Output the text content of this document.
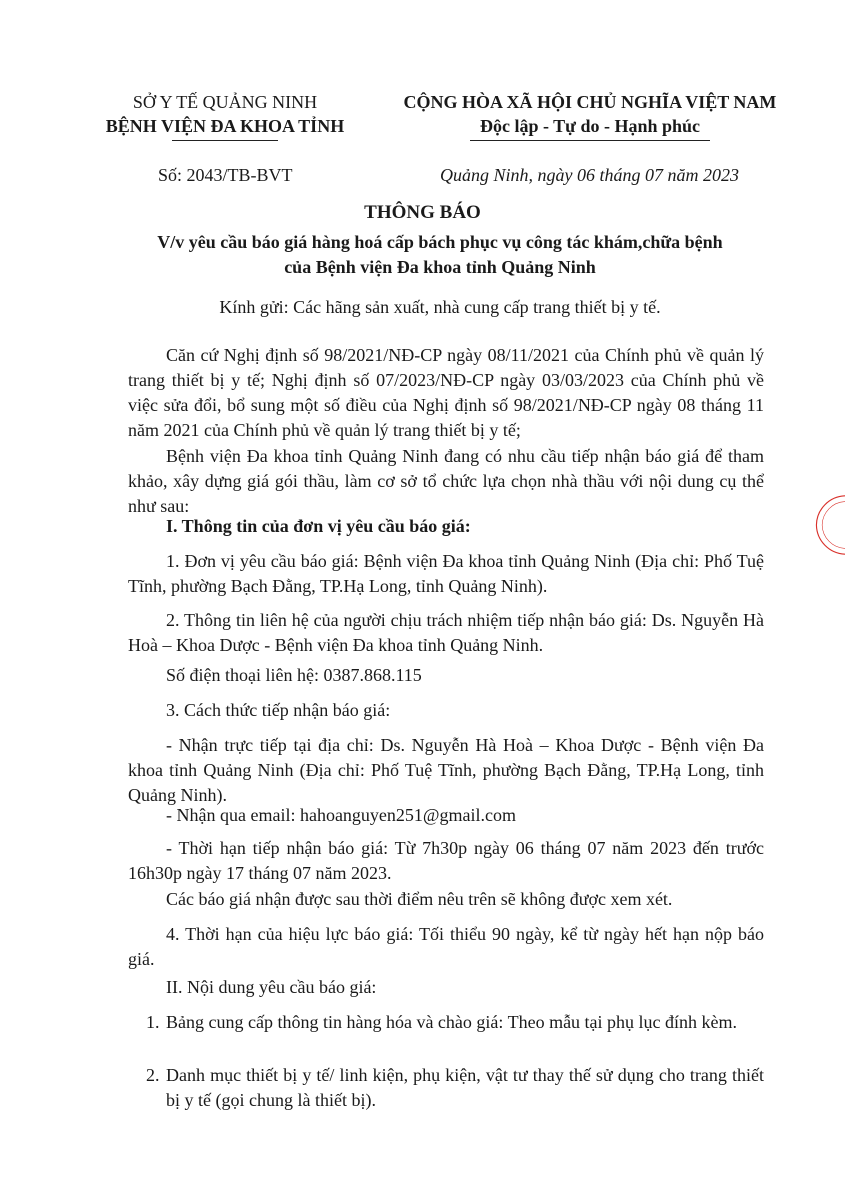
SỞ Y TẾ QUẢNG NINH
BỆNH VIỆN ĐA KHOA TỈNH
CỘNG HÒA XÃ HỘI CHỦ NGHĨA VIỆT NAM
Độc lập - Tự do - Hạnh phúc
Số: 2043/TB-BVT	Quảng Ninh, ngày 06 tháng 07 năm 2023
THÔNG BÁO
V/v yêu cầu báo giá hàng hoá cấp bách phục vụ công tác khám,chữa bệnh
của Bệnh viện Đa khoa tỉnh Quảng Ninh
Kính gửi: Các hãng sản xuất, nhà cung cấp trang thiết bị y tế.
Căn cứ Nghị định số 98/2021/NĐ-CP ngày 08/11/2021 của Chính phủ về quản lý trang thiết bị y tế; Nghị định số 07/2023/NĐ-CP ngày 03/03/2023 của Chính phủ về việc sửa đổi, bổ sung một số điều của Nghị định số 98/2021/NĐ-CP ngày 08 tháng 11 năm 2021 của Chính phủ về quản lý trang thiết bị y tế;
Bệnh viện Đa khoa tỉnh Quảng Ninh đang có nhu cầu tiếp nhận báo giá để tham khảo, xây dựng giá gói thầu, làm cơ sở tổ chức lựa chọn nhà thầu với nội dung cụ thể như sau:
I. Thông tin của đơn vị yêu cầu báo giá:
1. Đơn vị yêu cầu báo giá: Bệnh viện Đa khoa tỉnh Quảng Ninh (Địa chỉ: Phố Tuệ Tĩnh, phường Bạch Đằng, TP.Hạ Long, tỉnh Quảng Ninh).
2. Thông tin liên hệ của người chịu trách nhiệm tiếp nhận báo giá: Ds. Nguyễn Hà Hoà – Khoa Dược - Bệnh viện Đa khoa tỉnh Quảng Ninh.
Số điện thoại liên hệ: 0387.868.115
3. Cách thức tiếp nhận báo giá:
- Nhận trực tiếp tại địa chỉ: Ds. Nguyễn Hà Hoà – Khoa Dược - Bệnh viện Đa khoa tỉnh Quảng Ninh (Địa chỉ: Phố Tuệ Tĩnh, phường Bạch Đằng, TP.Hạ Long, tỉnh Quảng Ninh).
- Nhận qua email: hahoanguyen251@gmail.com
- Thời hạn tiếp nhận báo giá: Từ 7h30p ngày 06 tháng 07 năm 2023 đến trước 16h30p ngày 17 tháng 07 năm 2023.
Các báo giá nhận được sau thời điểm nêu trên sẽ không được xem xét.
4. Thời hạn của hiệu lực báo giá: Tối thiểu 90 ngày, kể từ ngày hết hạn nộp báo giá.
II. Nội dung yêu cầu báo giá:
1. Bảng cung cấp thông tin hàng hóa và chào giá: Theo mẫu tại phụ lục đính kèm.
2. Danh mục thiết bị y tế/ linh kiện, phụ kiện, vật tư thay thế sử dụng cho trang thiết bị y tế (gọi chung là thiết bị).
